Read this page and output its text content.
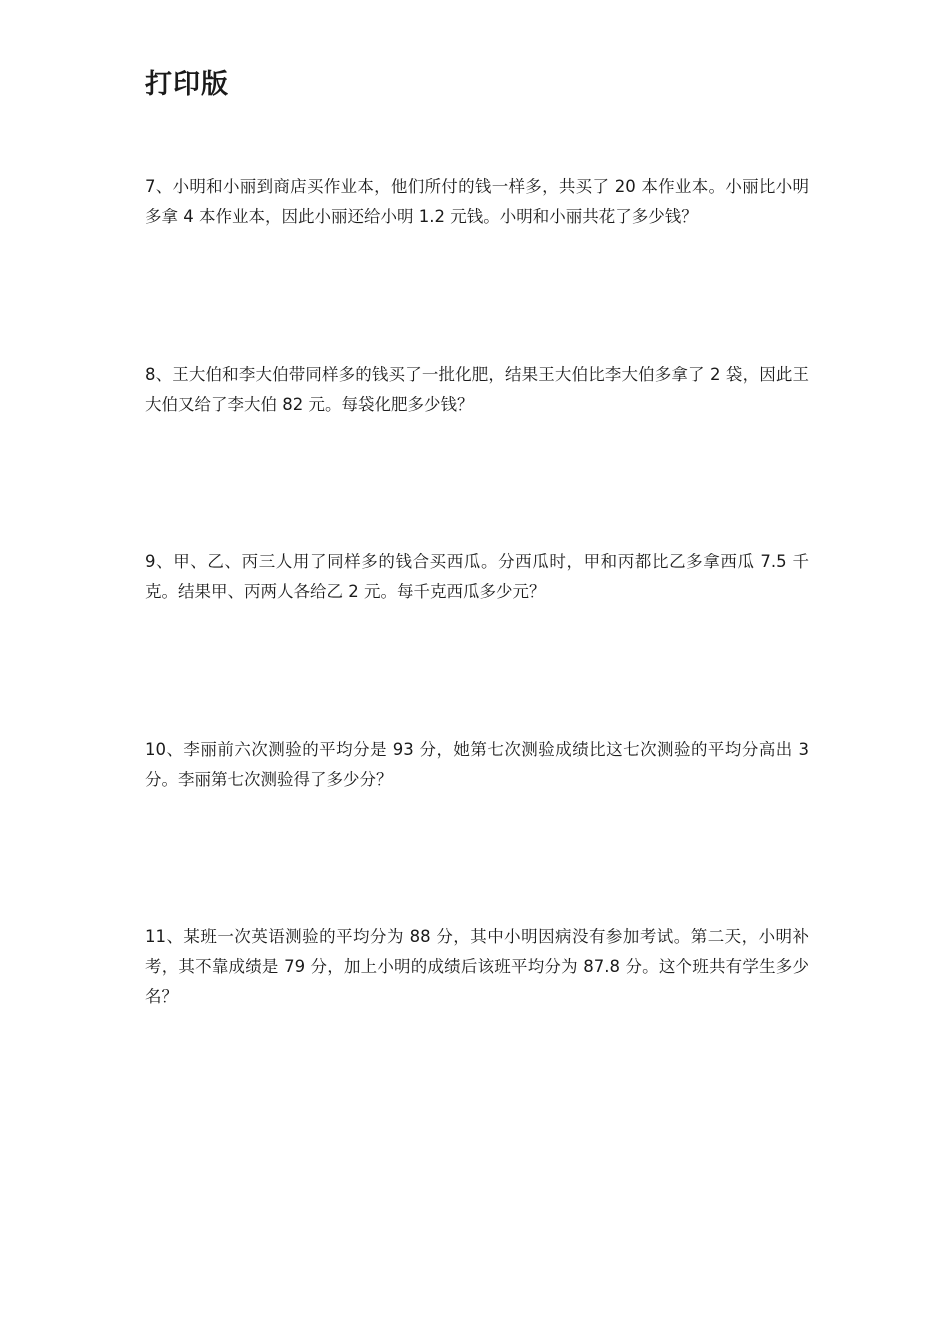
打印版

7、小明和小丽到商店买作业本，他们所付的钱一样多，共买了 20 本作业本。小丽比小明多拿 4 本作业本，因此小丽还给小明 1.2 元钱。小明和小丽共花了多少钱？

8、王大伯和李大伯带同样多的钱买了一批化肥，结果王大伯比李大伯多拿了 2 袋，因此王大伯又给了李大伯 82 元。每袋化肥多少钱？

9、甲、乙、丙三人用了同样多的钱合买西瓜。分西瓜时，甲和丙都比乙多拿西瓜 7.5 千克。结果甲、丙两人各给乙 2 元。每千克西瓜多少元？

10、李丽前六次测验的平均分是 93 分，她第七次测验成绩比这七次测验的平均分高出 3 分。李丽第七次测验得了多少分？

11、某班一次英语测验的平均分为 88 分，其中小明因病没有参加考试。第二天，小明补考，其不靠成绩是 79 分，加上小明的成绩后该班平均分为 87.8 分。这个班共有学生多少名？
